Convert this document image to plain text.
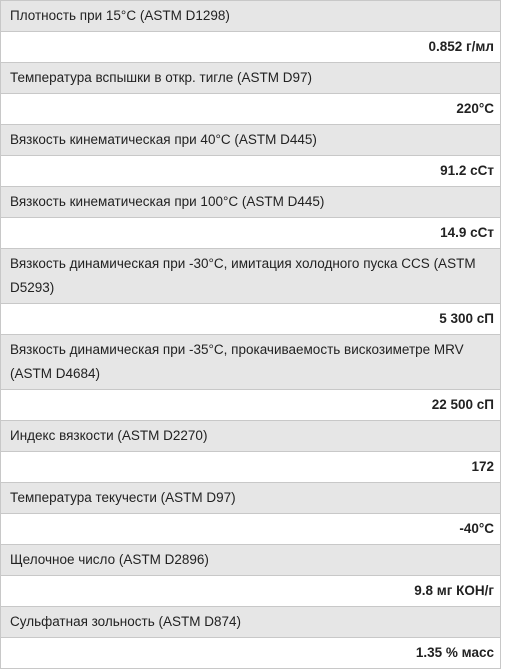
Плотность при 15°C (ASTM D1298)
0.852 г/мл
Температура вспышки в откр. тигле (ASTM D97)
220°C
Вязкость кинематическая при 40°C (ASTM D445)
91.2 сСт
Вязкость кинематическая при 100°C (ASTM D445)
14.9 сСт
Вязкость динамическая при -30°C, имитация холодного пуска CCS (ASTM D5293)
5 300 сП
Вязкость динамическая при -35°C, прокачиваемость вискозиметре MRV (ASTM D4684)
22 500 сП
Индекс вязкости (ASTM D2270)
172
Температура текучести (ASTM D97)
-40°C
Щелочное число (ASTM D2896)
9.8 мг КОН/г
Сульфатная зольность (ASTM D874)
1.35 % масс
